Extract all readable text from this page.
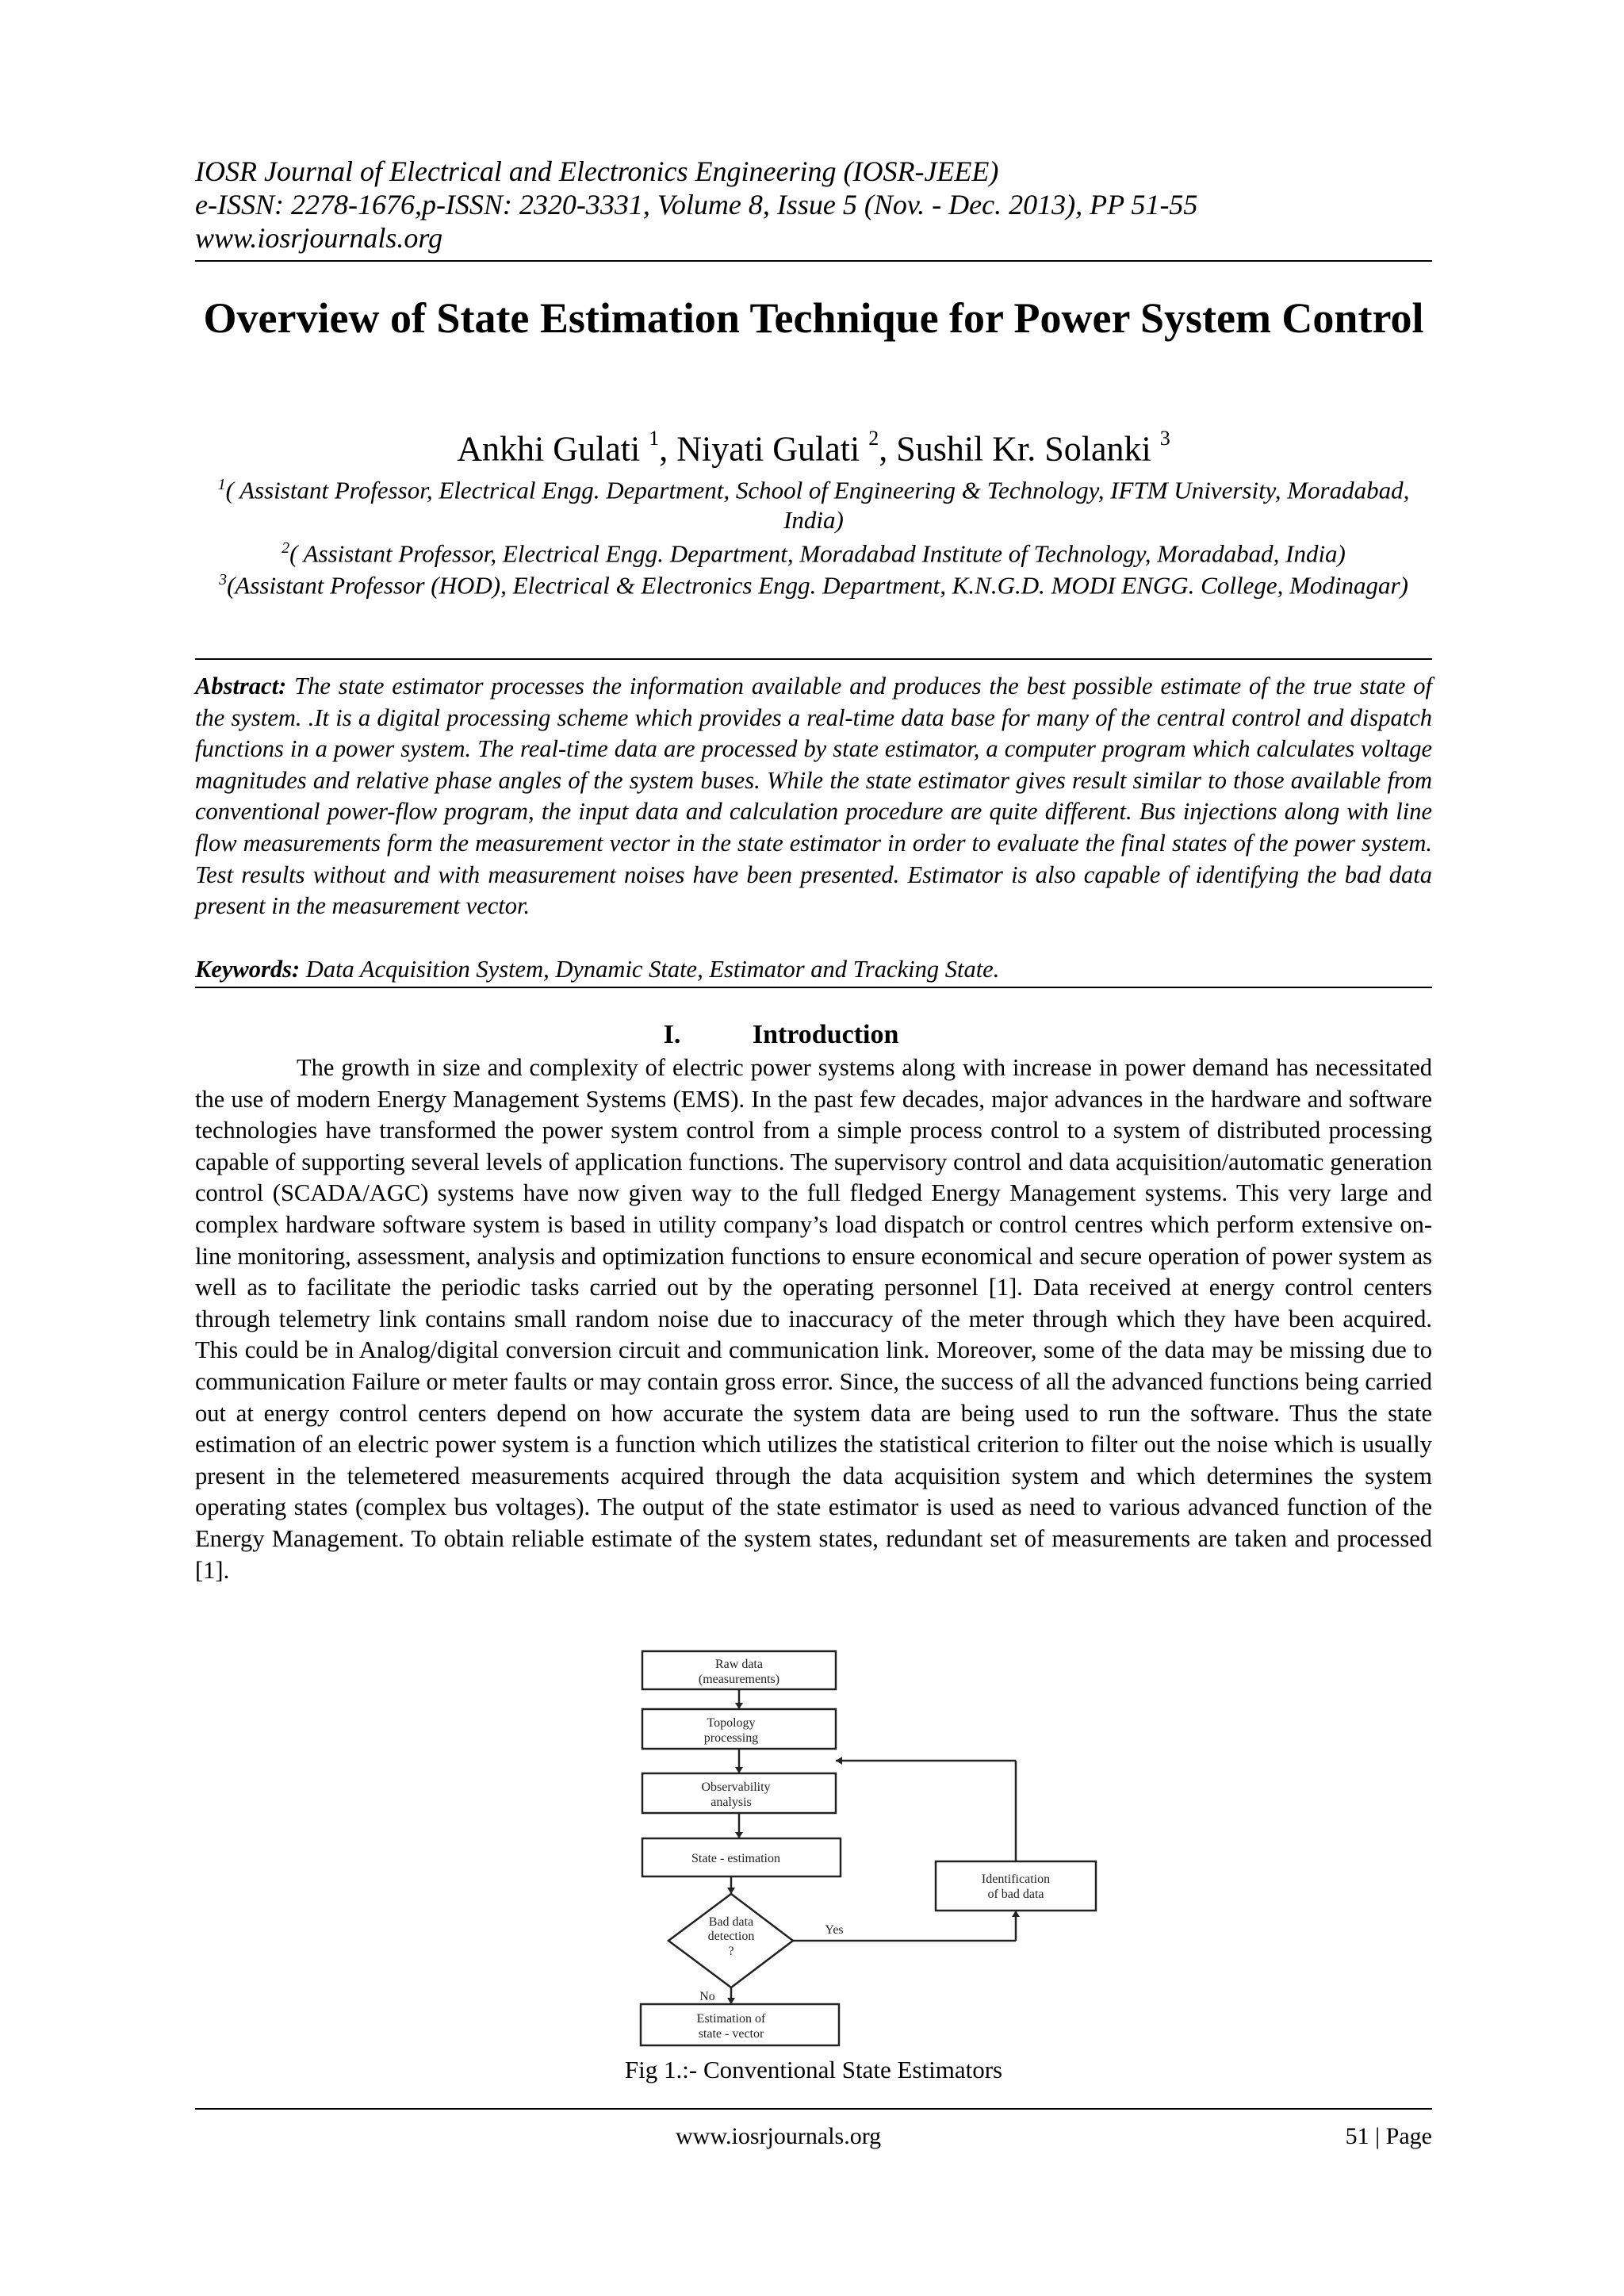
IOSR Journal of Electrical and Electronics Engineering (IOSR-JEEE)
e-ISSN: 2278-1676,p-ISSN: 2320-3331, Volume 8, Issue 5 (Nov. - Dec. 2013), PP 51-55
www.iosrjournals.org
Overview of State Estimation Technique for Power System Control
Ankhi Gulati $^1$, Niyati Gulati $^2$, Sushil Kr. Solanki $^3$
$^1$( Assistant Professor, Electrical Engg. Department, School of Engineering & Technology, IFTM University, Moradabad, India)
$^2$( Assistant Professor, Electrical Engg. Department, Moradabad Institute of Technology, Moradabad, India)
$^3$(Assistant Professor (HOD), Electrical & Electronics Engg. Department, K.N.G.D. MODI ENGG. College, Modinagar)
Abstract: The state estimator processes the information available and produces the best possible estimate of the true state of the system. .It is a digital processing scheme which provides a real-time data base for many of the central control and dispatch functions in a power system. The real-time data are processed by state estimator, a computer program which calculates voltage magnitudes and relative phase angles of the system buses. While the state estimator gives result similar to those available from conventional power-flow program, the input data and calculation procedure are quite different. Bus injections along with line flow measurements form the measurement vector in the state estimator in order to evaluate the final states of the power system. Test results without and with measurement noises have been presented. Estimator is also capable of identifying the bad data present in the measurement vector.
Keywords: Data Acquisition System, Dynamic State, Estimator and Tracking State.
I.	Introduction
The growth in size and complexity of electric power systems along with increase in power demand has necessitated the use of modern Energy Management Systems (EMS). In the past few decades, major advances in the hardware and software technologies have transformed the power system control from a simple process control to a system of distributed processing capable of supporting several levels of application functions. The supervisory control and data acquisition/automatic generation control (SCADA/AGC) systems have now given way to the full fledged Energy Management systems. This very large and complex hardware software system is based in utility company’s load dispatch or control centres which perform extensive on-line monitoring, assessment, analysis and optimization functions to ensure economical and secure operation of power system as well as to facilitate the periodic tasks carried out by the operating personnel [1]. Data received at energy control centers through telemetry link contains small random noise due to inaccuracy of the meter through which they have been acquired. This could be in Analog/digital conversion circuit and communication link. Moreover, some of the data may be missing due to communication Failure or meter faults or may contain gross error. Since, the success of all the advanced functions being carried out at energy control centers depend on how accurate the system data are being used to run the software. Thus the state estimation of an electric power system is a function which utilizes the statistical criterion to filter out the noise which is usually present in the telemetered measurements acquired through the data acquisition system and which determines the system operating states (complex bus voltages). The output of the state estimator is used as need to various advanced function of the Energy Management. To obtain reliable estimate of the system states, redundant set of measurements are taken and processed [1].
Raw data
(measurements)
Topology
processing
Observability
analysis
State - estimation
Identification
of bad data
Bad data
detection
?
Yes
No
Estimation of
state - vector
Fig 1.:- Conventional State Estimators
www.iosrjournals.org	51 | Page
